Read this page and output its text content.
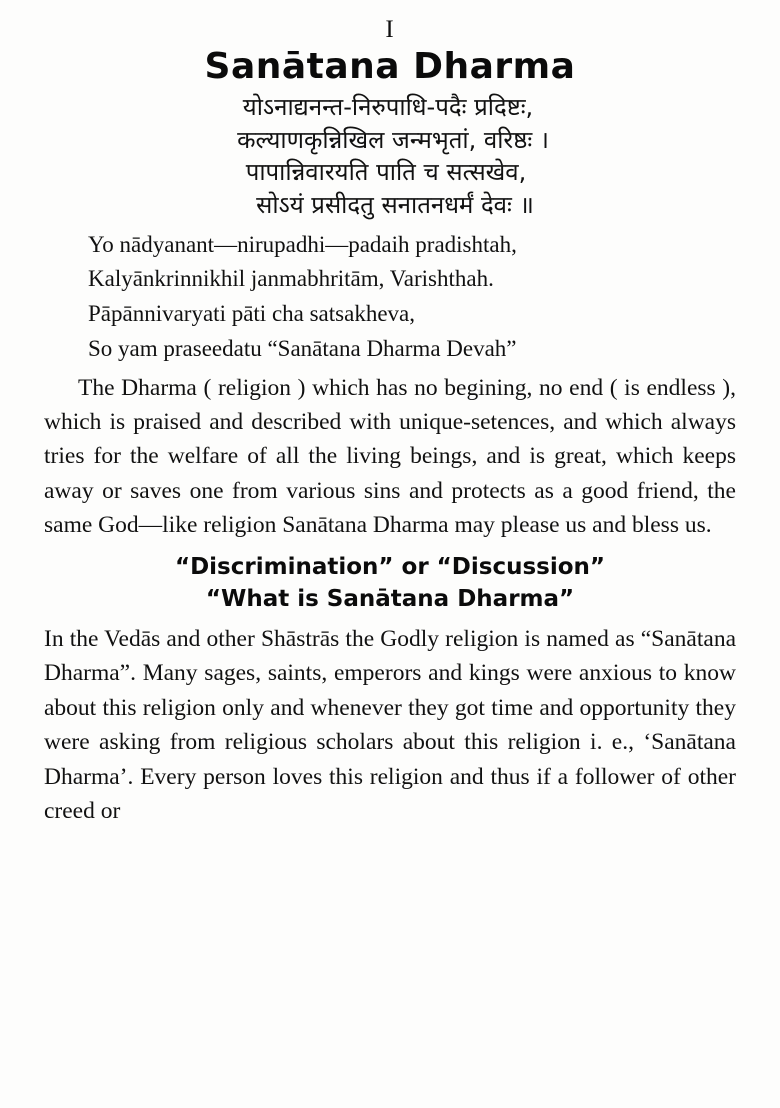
I
Sanātana Dharma
योऽनाद्यनन्त-निरुपाधि-पदैः प्रदिष्टः,
कल्याणकृन्निखिल जन्मभृतां, वरिष्ठः ।
पापान्निवारयति पाति च सत्सखेव,
सोऽयं प्रसीदतु सनातनधर्मं देवः ॥
Yo nādyanant—nirupadhi—padaih pradishtah,
Kalyānkrinnikhil janmabhritām, Varishthah.
Pāpānnivaryati pāti cha satsakheva,
So yam praseedatu “Sanātana Dharma Devah”

The Dharma ( religion ) which has no begining, no end ( is endless ), which is praised and described with unique-setences, and which always tries for the welfare of all the living beings, and is great, which keeps away or saves one from various sins and protects as a good friend, the same God—like religion Sanātana Dharma may please us and bless us.

“Discrimination” or “Discussion”
“What is Sanātana Dharma”

In the Vedās and other Shāstrās the Godly religion is named as “Sanātana Dharma”. Many sages, saints, emperors and kings were anxious to know about this religion only and whenever they got time and opportunity they were asking from religious scholars about this religion i. e., ‘Sanātana Dharma’. Every person loves this religion and thus if a follower of other creed or
